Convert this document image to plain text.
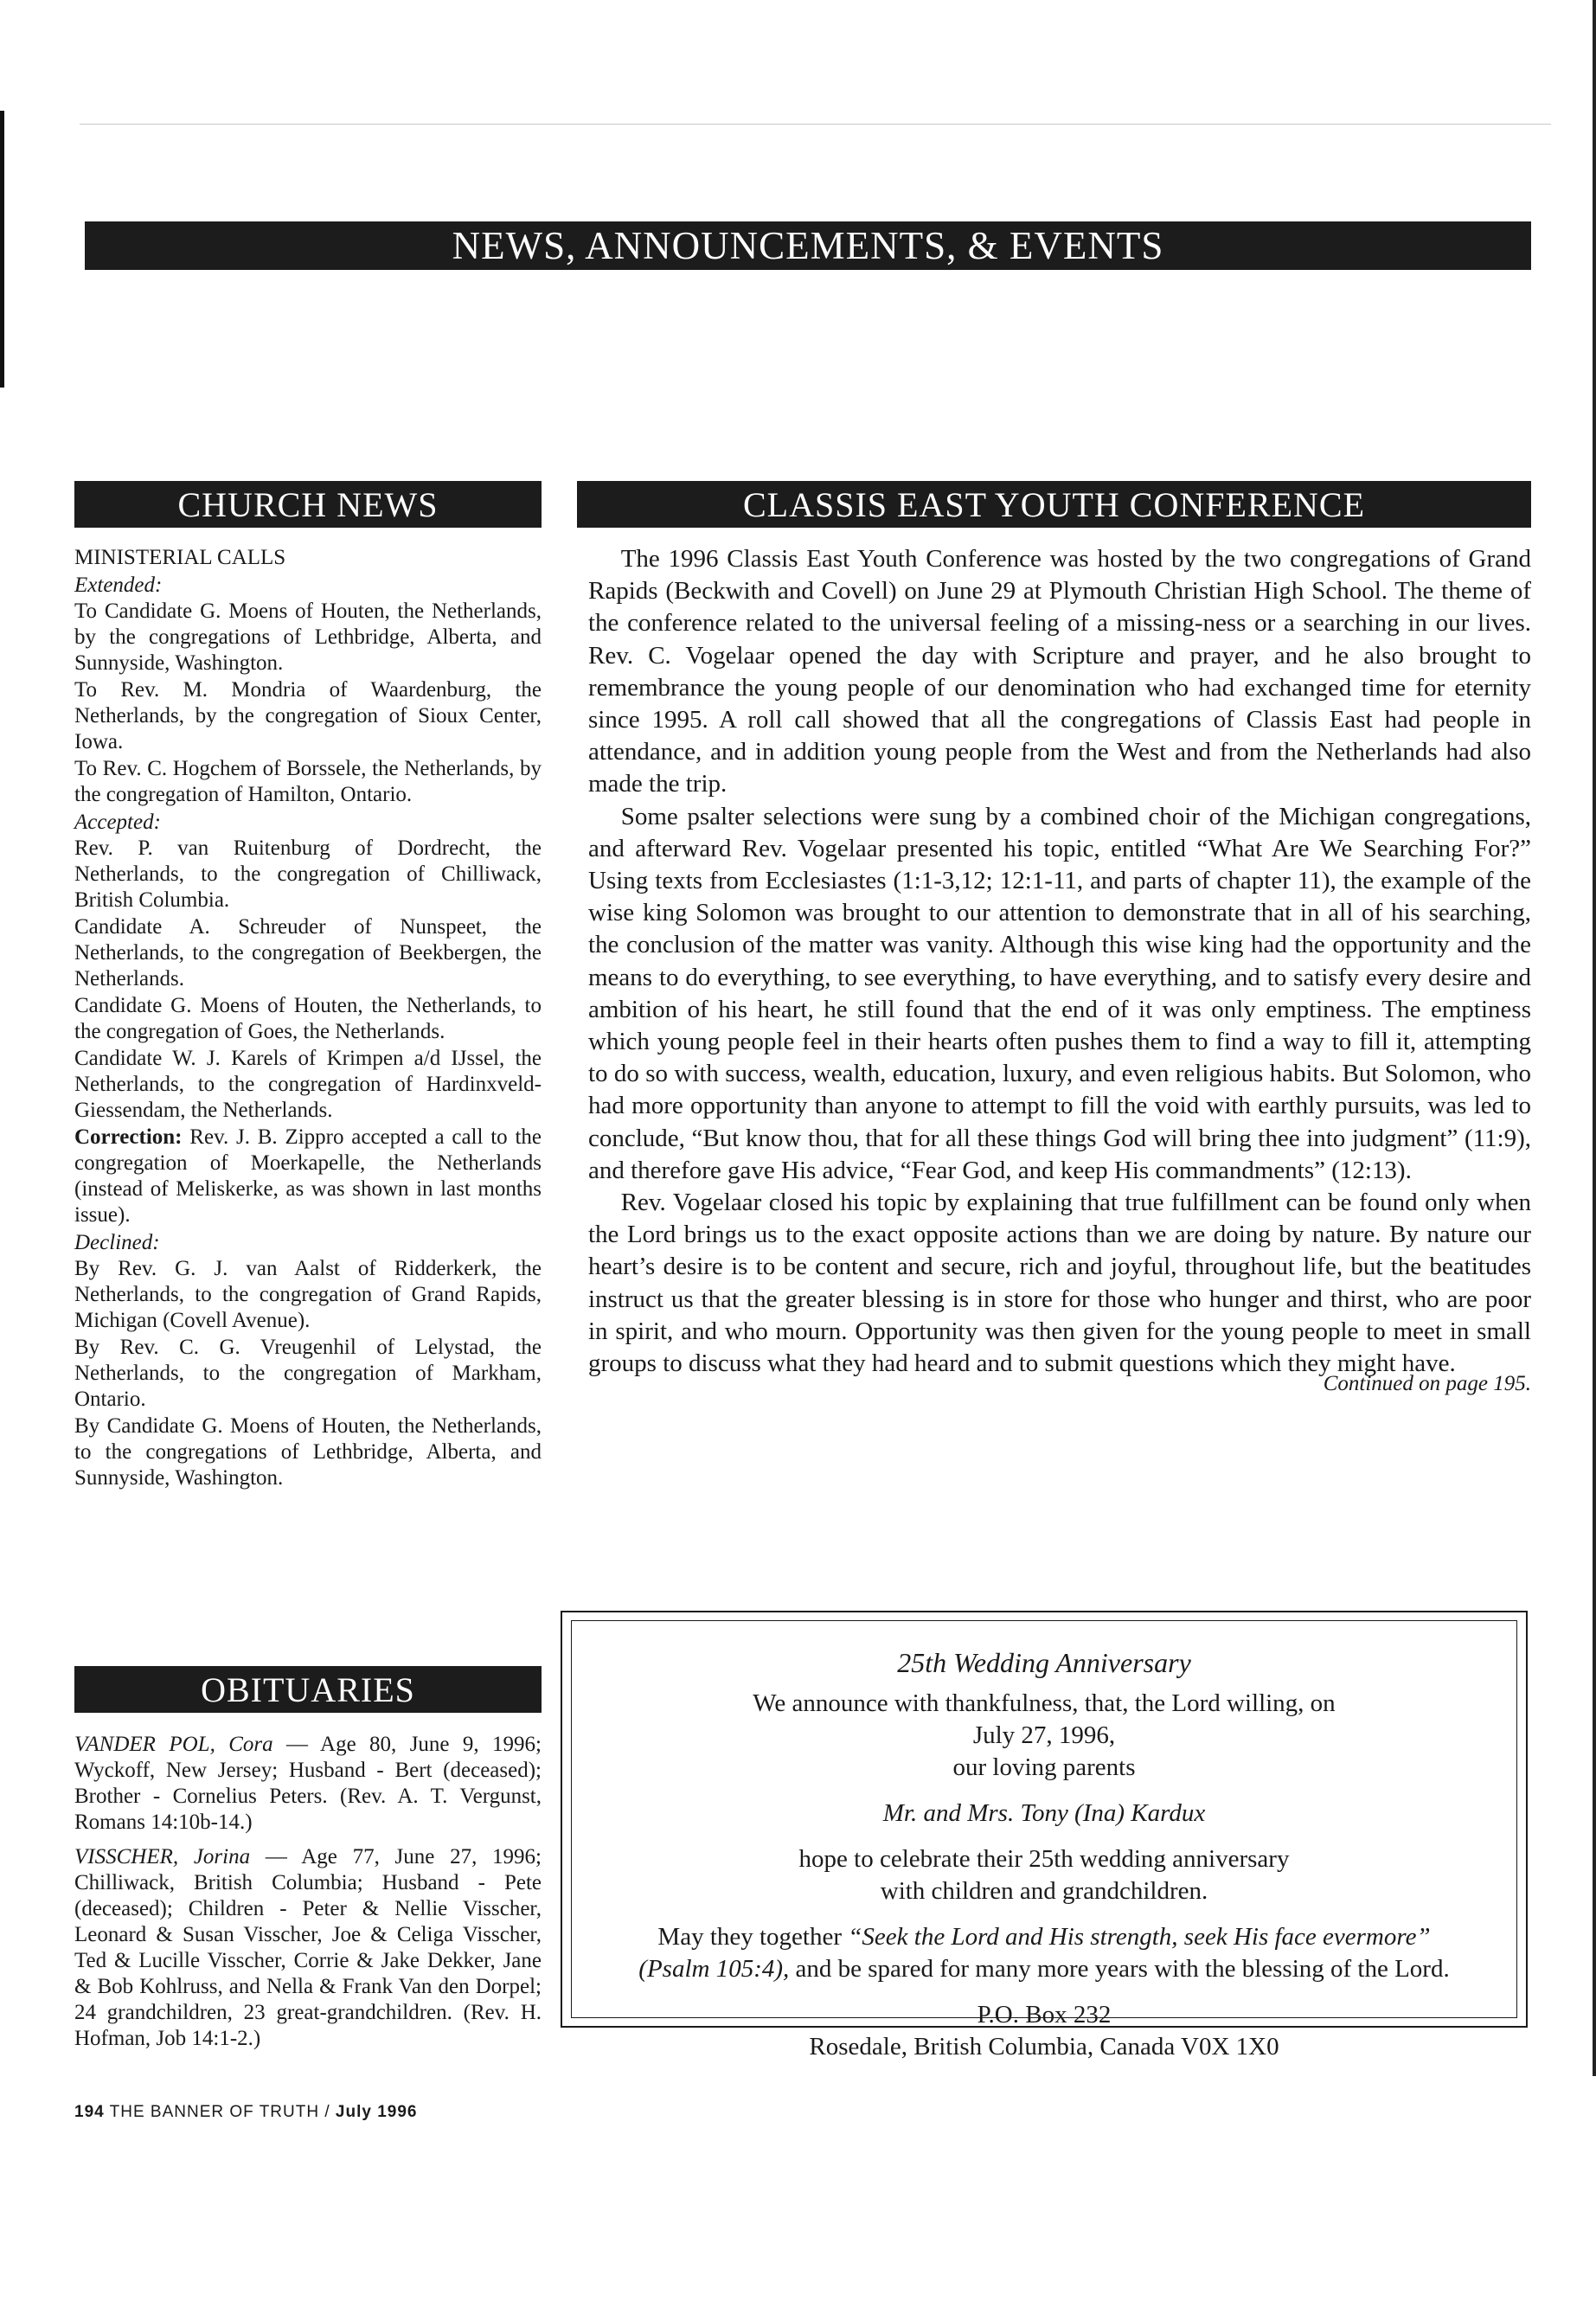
NEWS, ANNOUNCEMENTS, & EVENTS
CHURCH NEWS

MINISTERIAL CALLS

Extended:

To Candidate G. Moens of Houten, the Netherlands, by the congregations of Lethbridge, Alberta, and Sunnyside, Washington.

To Rev. M. Mondria of Waardenburg, the Netherlands, by the congregation of Sioux Center, Iowa.

To Rev. C. Hogchem of Borssele, the Netherlands, by the congregation of Hamilton, Ontario.

Accepted:

Rev. P. van Ruitenburg of Dordrecht, the Netherlands, to the congregation of Chilliwack, British Columbia.

Candidate A. Schreuder of Nunspeet, the Netherlands, to the congregation of Beekbergen, the Netherlands.

Candidate G. Moens of Houten, the Netherlands, to the congregation of Goes, the Netherlands.

Candidate W. J. Karels of Krimpen a/d IJssel, the Netherlands, to the congregation of Hardinxveld-Giessendam, the Netherlands.

Correction: Rev. J. B. Zippro accepted a call to the congregation of Moerkapelle, the Netherlands (instead of Meliskerke, as was shown in last months issue).

Declined:

By Rev. G. J. van Aalst of Ridderkerk, the Netherlands, to the congregation of Grand Rapids, Michigan (Covell Avenue).

By Rev. C. G. Vreugenhil of Lelystad, the Netherlands, to the congregation of Markham, Ontario.

By Candidate G. Moens of Houten, the Netherlands, to the congregations of Lethbridge, Alberta, and Sunnyside, Washington.

OBITUARIES

VANDER POL, Cora — Age 80, June 9, 1996; Wyckoff, New Jersey; Husband - Bert (deceased); Brother - Cornelius Peters. (Rev. A. T. Vergunst, Romans 14:10b-14.)

VISSCHER, Jorina — Age 77, June 27, 1996; Chilliwack, British Columbia; Husband - Pete (deceased); Children - Peter & Nellie Visscher, Leonard & Susan Visscher, Joe & Celiga Visscher, Ted & Lucille Visscher, Corrie & Jake Dekker, Jane & Bob Kohlruss, and Nella & Frank Van den Dorpel; 24 grandchildren, 23 great-grandchildren. (Rev. H. Hofman, Job 14:1-2.)

CLASSIS EAST YOUTH CONFERENCE

The 1996 Classis East Youth Conference was hosted by the two congregations of Grand Rapids (Beckwith and Covell) on June 29 at Plymouth Christian High School. The theme of the conference related to the universal feeling of a missing-ness or a searching in our lives. Rev. C. Vogelaar opened the day with Scripture and prayer, and he also brought to remembrance the young people of our denomination who had exchanged time for eternity since 1995. A roll call showed that all the congregations of Classis East had people in attendance, and in addition young people from the West and from the Netherlands had also made the trip.

Some psalter selections were sung by a combined choir of the Michigan congregations, and afterward Rev. Vogelaar presented his topic, entitled “What Are We Searching For?” Using texts from Ecclesiastes (1:1-3,12; 12:1-11, and parts of chapter 11), the example of the wise king Solomon was brought to our attention to demonstrate that in all of his searching, the conclusion of the matter was vanity. Although this wise king had the opportunity and the means to do everything, to see everything, to have everything, and to satisfy every desire and ambition of his heart, he still found that the end of it was only emptiness. The emptiness which young people feel in their hearts often pushes them to find a way to fill it, attempting to do so with success, wealth, education, luxury, and even religious habits. But Solomon, who had more opportunity than anyone to attempt to fill the void with earthly pursuits, was led to conclude, “But know thou, that for all these things God will bring thee into judgment” (11:9), and therefore gave His advice, “Fear God, and keep His commandments” (12:13).

Rev. Vogelaar closed his topic by explaining that true fulfillment can be found only when the Lord brings us to the exact opposite actions than we are doing by nature. By nature our heart’s desire is to be content and secure, rich and joyful, throughout life, but the beatitudes instruct us that the greater blessing is in store for those who hunger and thirst, who are poor in spirit, and who mourn. Opportunity was then given for the young people to meet in small groups to discuss what they had heard and to submit questions which they might have.

Continued on page 195.

25th Wedding Anniversary

We announce with thankfulness, that, the Lord willing, on

July 27, 1996,

our loving parents

Mr. and Mrs. Tony (Ina) Kardux

hope to celebrate their 25th wedding anniversary

with children and grandchildren.

May they together “Seek the Lord and His strength, seek His face evermore”
(Psalm 105:4), and be spared for many more years with the blessing of the Lord.

P.O. Box 232

Rosedale, British Columbia, Canada V0X 1X0

194 THE BANNER OF TRUTH / July 1996
